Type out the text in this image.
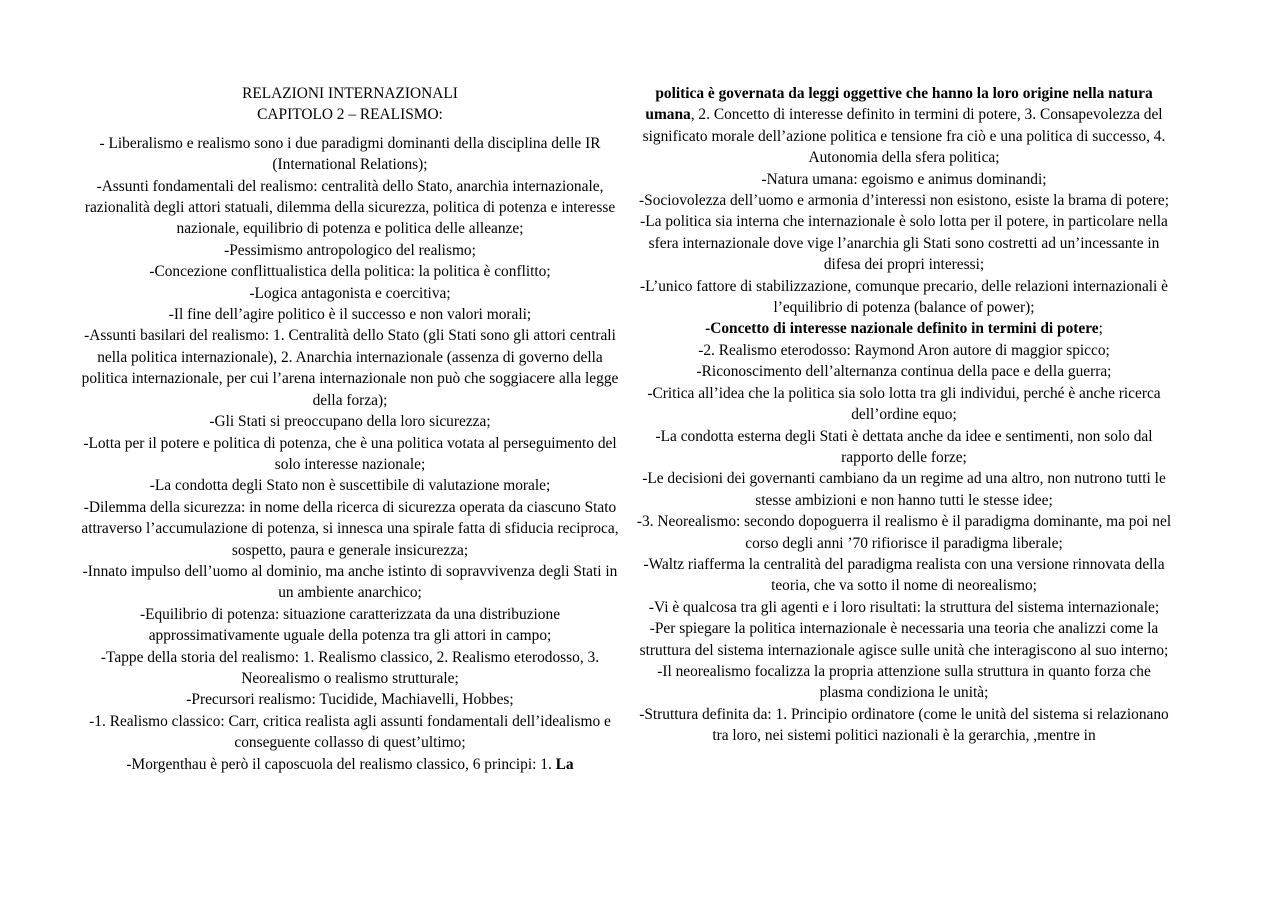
RELAZIONI INTERNAZIONALI
CAPITOLO 2 – REALISMO:
- Liberalismo e realismo sono i due paradigmi dominanti della disciplina delle IR (International Relations);
-Assunti fondamentali del realismo: centralità dello Stato, anarchia internazionale, razionalità degli attori statuali, dilemma della sicurezza, politica di potenza e interesse nazionale, equilibrio di potenza e politica delle alleanze;
-Pessimismo antropologico del realismo;
-Concezione conflittualistica della politica: la politica è conflitto;
-Logica antagonista e coercitiva;
-Il fine dell’agire politico è il successo e non valori morali;
-Assunti basilari del realismo: 1. Centralità dello Stato (gli Stati sono gli attori centrali nella politica internazionale), 2. Anarchia internazionale (assenza di governo della politica internazionale, per cui l’arena internazionale non può che soggiacere alla legge della forza);
-Gli Stati si preoccupano della loro sicurezza;
-Lotta per il potere e politica di potenza, che è una politica votata al perseguimento del solo interesse nazionale;
-La condotta degli Stato non è suscettibile di valutazione morale;
-Dilemma della sicurezza: in nome della ricerca di sicurezza operata da ciascuno Stato attraverso l’accumulazione di potenza, si innesca una spirale fatta di sfiducia reciproca, sospetto, paura e generale insicurezza;
-Innato impulso dell’uomo al dominio, ma anche istinto di sopravvivenza degli Stati in un ambiente anarchico;
-Equilibrio di potenza: situazione caratterizzata da una distribuzione approssimativamente uguale della potenza tra gli attori in campo;
-Tappe della storia del realismo: 1. Realismo classico, 2. Realismo eterodosso, 3. Neorealismo o realismo strutturale;
-Precursori realismo: Tucidide, Machiavelli, Hobbes;
-1. Realismo classico: Carr, critica realista agli assunti fondamentali dell’idealismo e conseguente collasso di quest’ultimo;
-Morgenthau è però il caposcuola del realismo classico, 6 principi: 1. La
politica è governata da leggi oggettive che hanno la loro origine nella natura umana, 2. Concetto di interesse definito in termini di potere, 3. Consapevolezza del significato morale dell’azione politica e tensione fra ciò e una politica di successo, 4. Autonomia della sfera politica;
-Natura umana: egoismo e animus dominandi;
-Sociovolezza dell’uomo e armonia d’interessi non esistono, esiste la brama di potere;
-La politica sia interna che internazionale è solo lotta per il potere, in particolare nella sfera internazionale dove vige l’anarchia gli Stati sono costretti ad un’incessante in difesa dei propri interessi;
-L’unico fattore di stabilizzazione, comunque precario, delle relazioni internazionali è l’equilibrio di potenza (balance of power);
-Concetto di interesse nazionale definito in termini di potere;
-2. Realismo eterodosso: Raymond Aron autore di maggior spicco;
-Riconoscimento dell’alternanza continua della pace e della guerra;
-Critica all’idea che la politica sia solo lotta tra gli individui, perché è anche ricerca dell’ordine equo;
-La condotta esterna degli Stati è dettata anche da idee e sentimenti, non solo dal rapporto delle forze;
-Le decisioni dei governanti cambiano da un regime ad una altro, non nutrono tutti le stesse ambizioni e non hanno tutti le stesse idee;
-3. Neorealismo: secondo dopoguerra il realismo è il paradigma dominante, ma poi nel corso degli anni ’70 rifiorisce il paradigma liberale;
-Waltz riafferma la centralità del paradigma realista con una versione rinnovata della teoria, che va sotto il nome di neorealismo;
-Vi è qualcosa tra gli agenti e i loro risultati: la struttura del sistema internazionale;
-Per spiegare la politica internazionale è necessaria una teoria che analizzi come la struttura del sistema internazionale agisce sulle unità che interagiscono al suo interno;
-Il neorealismo focalizza la propria attenzione sulla struttura in quanto forza che plasma condiziona le unità;
-Struttura definita da: 1. Principio ordinatore (come le unità del sistema si relazionano tra loro, nei sistemi politici nazionali è la gerarchia, ,mentre in
